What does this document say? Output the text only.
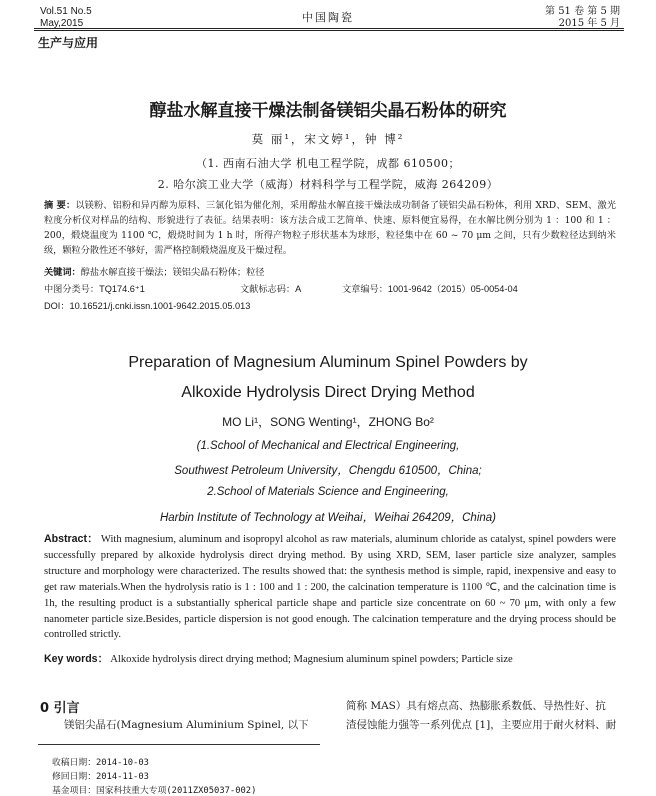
Vol.51 No.5
May,2015	中国陶瓷	第 51 卷 第 5 期
2015 年 5 月
生产与应用
醇盐水解直接干燥法制备镁铝尖晶石粉体的研究
莫 丽¹，宋文婷¹，钟 博²
（1. 西南石油大学 机电工程学院，成都 610500；
2. 哈尔滨工业大学（威海）材料科学与工程学院，威海 264209）
摘 要：以镁粉、铝粉和异丙醇为原料、三氯化铝为催化剂，采用醇盐水解直接干燥法成功制备了镁铝尖晶石粉体，利用 XRD、SEM、激光粒度分析仪对样品的结构、形貌进行了表征。结果表明：该方法合成工艺简单、快速、原料便宜易得，在水解比例分别为 1 ：100 和 1 ：200，煅烧温度为 1100 ℃，煅烧时间为 1 h 时，所得产物粒子形状基本为球形，粒径集中在 60 ~ 70 μm 之间，只有少数粒径达到纳米级，颗粒分散性还不够好，需严格控制煅烧温度及干燥过程。
关键词：醇盐水解直接干燥法；镁铝尖晶石粉体；粒径
中图分类号：TQ174.6⁺1	文献标志码：A	文章编号：1001-9642（2015）05-0054-04
DOI：10.16521/j.cnki.issn.1001-9642.2015.05.013
Preparation of Magnesium Aluminum Spinel Powders by
Alkoxide Hydrolysis Direct Drying Method
MO Li¹，SONG Wenting¹，ZHONG Bo²
(1.School of Mechanical and Electrical Engineering,
Southwest Petroleum University，Chengdu 610500，China;
2.School of Materials Science and Engineering,
Harbin Institute of Technology at Weihai，Weihai 264209，China)
Abstract： With magnesium, aluminum and isopropyl alcohol as raw materials, aluminum chloride as catalyst, spinel powders were successfully prepared by alkoxide hydrolysis direct drying method. By using XRD, SEM, laser particle size analyzer, samples structure and morphology were characterized. The results showed that: the synthesis method is simple, rapid, inexpensive and easy to get raw materials.When the hydrolysis ratio is 1 : 100 and 1 : 200, the calcination temperature is 1100 ℃, and the calcination time is 1h, the resulting product is a substantially spherical particle shape and particle size concentrate on 60 ~ 70 μm, with only a few nanometer particle size.Besides, particle dispersion is not good enough. The calcination temperature and the drying process should be controlled strictly.
Key words： Alkoxide hydrolysis direct drying method; Magnesium aluminum spinel powders; Particle size
0 引言
镁铝尖晶石(Magnesium Aluminium Spinel, 以下
简称 MAS）具有熔点高、热膨胀系数低、导热性好、抗
渣侵蚀能力强等一系列优点 [1]，主要应用于耐火材料、耐
收稿日期：2014-10-03
修回日期：2014-11-03
基金项目：国家科技重大专项(2011ZX05037-002)
